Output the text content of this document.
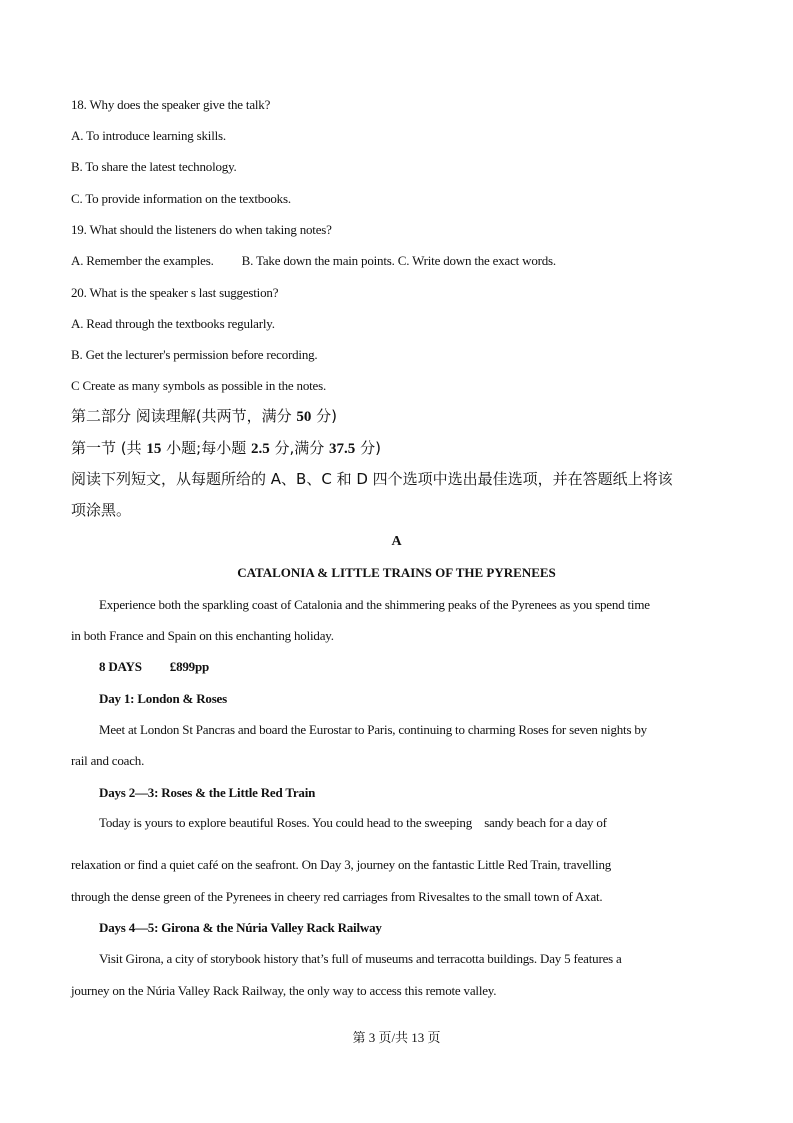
18. Why does the speaker give the talk?
A. To introduce learning skills.
B. To share the latest technology.
C. To provide information on the textbooks.
19. What should the listeners do when taking notes?
A. Remember the examples. B. Take down the main points. C. Write down the exact words.
20. What is the speaker s last suggestion?
A. Read through the textbooks regularly.
B. Get the lecturer's permission before recording.
C Create as many symbols as possible in the notes.
第二部分 阅读理解(共两节，满分 50 分)
第一节 (共 15 小题;每小题 2.5 分,满分 37.5 分)
阅读下列短文，从每题所给的 A、B、C 和 D 四个选项中选出最佳选项，并在答题纸上将该
项涂黑。
A
CATALONIA & LITTLE TRAINS OF THE PYRENEES
Experience both the sparkling coast of Catalonia and the shimmering peaks of the Pyrenees as you spend time
in both France and Spain on this enchanting holiday.
8 DAYS £899pp
Day 1: London & Roses
Meet at London St Pancras and board the Eurostar to Paris, continuing to charming Roses for seven nights by
rail and coach.
Days 2—3: Roses & the Little Red Train
Today is yours to explore beautiful Roses. You could head to the sweeping    sandy beach for a day of
relaxation or find a quiet café on the seafront. On Day 3, journey on the fantastic Little Red Train, travelling
through the dense green of the Pyrenees in cheery red carriages from Rivesaltes to the small town of Axat.
Days 4—5: Girona & the Núria Valley Rack Railway
Visit Girona, a city of storybook history that’s full of museums and terracotta buildings. Day 5 features a
journey on the Núria Valley Rack Railway, the only way to access this remote valley.
第 3 页/共 13 页
